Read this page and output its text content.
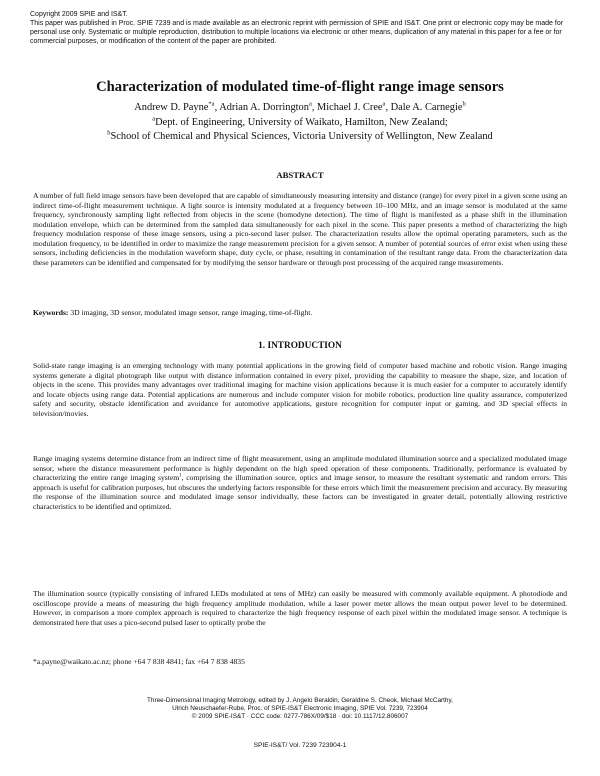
Copyright 2009 SPIE and IS&T.
This paper was published in Proc. SPIE 7239 and is made available as an electronic reprint with permission of SPIE and IS&T. One print or electronic copy may be made for personal use only. Systematic or multiple reproduction, distribution to multiple locations via electronic or other means, duplication of any material in this paper for a fee or for commercial purposes, or modification of the content of the paper are prohibited.
Characterization of modulated time-of-flight range image sensors
Andrew D. Payne$^{*a}$, Adrian A. Dorrington$^a$, Michael J. Cree$^a$, Dale A. Carnegie$^b$
$^a$Dept. of Engineering, University of Waikato, Hamilton, New Zealand;
$^b$School of Chemical and Physical Sciences, Victoria University of Wellington, New Zealand
ABSTRACT

A number of full field image sensors have been developed that are capable of simultaneously measuring intensity and distance (range) for every pixel in a given scene using an indirect time-of-flight measurement technique. A light source is intensity modulated at a frequency between 10–100 MHz, and an image sensor is modulated at the same frequency, synchronously sampling light reflected from objects in the scene (homodyne detection). The time of flight is manifested as a phase shift in the illumination modulation envelope, which can be determined from the sampled data simultaneously for each pixel in the scene. This paper presents a method of characterizing the high frequency modulation response of these image sensors, using a pico-second laser pulser. The characterization results allow the optimal operating parameters, such as the modulation frequency, to be identified in order to maximize the range measurement precision for a given sensor. A number of potential sources of error exist when using these sensors, including deficiencies in the modulation waveform shape, duty cycle, or phase, resulting in contamination of the resultant range data. From the characterization data these parameters can be identified and compensated for by modifying the sensor hardware or through post processing of the acquired range measurements.

Keywords: 3D imaging, 3D sensor, modulated image sensor, range imaging, time-of-flight.

1. INTRODUCTION

Solid-state range imaging is an emerging technology with many potential applications in the growing field of computer based machine and robotic vision. Range imaging systems generate a digital photograph like output with distance information contained in every pixel, providing the capability to measure the shape, size, and location of objects in the scene. This provides many advantages over traditional imaging for machine vision applications because it is much easier for a computer to accurately identify and locate objects using range data. Potential applications are numerous and include computer vision for mobile robotics, production line quality assurance, computerized safety and security, obstacle identification and avoidance for automotive applications, gesture recognition for computer input or gaming, and 3D special effects in television/movies.

Range imaging systems determine distance from an indirect time of flight measurement, using an amplitude modulated illumination source and a specialized modulated image sensor, where the distance measurement performance is highly dependent on the high speed operation of these components. Traditionally, performance is evaluated by characterizing the entire range imaging system$^1$, comprising the illumination source, optics and image sensor, to measure the resultant systematic and random errors. This approach is useful for calibration purposes, but obscures the underlying factors responsible for these errors which limit the measurement precision and accuracy. By measuring the response of the illumination source and modulated image sensor individually, these factors can be investigated in greater detail, potentially allowing restrictive characteristics to be identified and optimized.

The illumination source (typically consisting of infrared LEDs modulated at tens of MHz) can easily be measured with commonly available equipment. A photodiode and oscilloscope provide a means of measuring the high frequency amplitude modulation, while a laser power meter allows the mean output power level to be determined. However, in comparison a more complex approach is required to characterize the high frequency response of each pixel within the modulated image sensor. A technique is demonstrated here that uses a pico-second pulsed laser to optically probe the

*a.payne@waikato.ac.nz; phone +64 7 838 4841; fax +64 7 838 4835
Three-Dimensional Imaging Metrology, edited by J. Angelo Beraldin, Geraldine S. Cheok, Michael McCarthy,
Ulrich Neuschaefer-Rube, Proc. of SPIE-IS&T Electronic Imaging, SPIE Vol. 7239, 723904
© 2009 SPIE-IS&T · CCC code: 0277-786X/09/$18 · doi: 10.1117/12.806007
SPIE-IS&T/ Vol. 7239 723904-1
